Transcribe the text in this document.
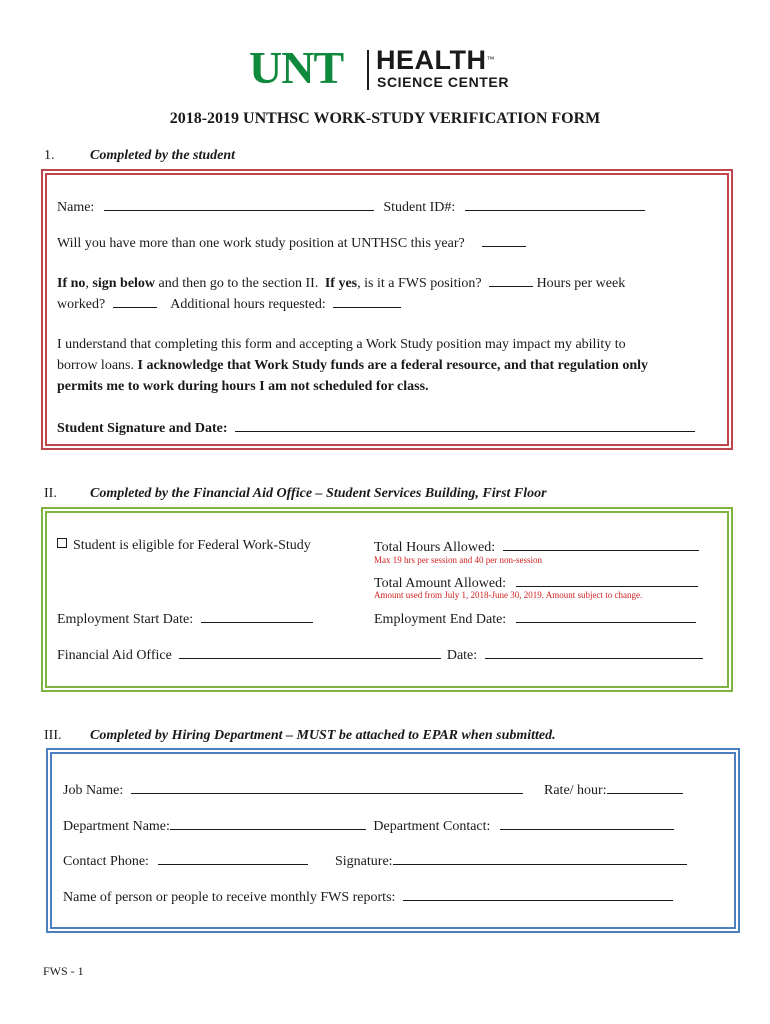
UNT HEALTH™
SCIENCE CENTER
2018-2019 UNTHSC WORK-STUDY VERIFICATION FORM
1.	Completed by the student
Name:	Student ID#:
Will you have more than one work study position at UNTHSC this year?
If no, sign below and then go to the section II. If yes, is it a FWS position?	Hours per week
worked?	Additional hours requested:
I understand that completing this form and accepting a Work Study position may impact my ability to
borrow loans. I acknowledge that Work Study funds are a federal resource, and that regulation only
permits me to work during hours I am not scheduled for class.
Student Signature and Date:
II. Completed by the Financial Aid Office – Student Services Building, First Floor
Student is eligible for Federal Work-Study	Total Hours Allowed:
Max 19 hrs per session and 40 per non-session
Total Amount Allowed:
Amount used from July 1, 2018-June 30, 2019. Amount subject to change.
Employment Start Date:	Employment End Date:
Financial Aid Office	Date:
III. Completed by Hiring Department – MUST be attached to EPAR when submitted.
Job Name:	Rate/ hour:
Department Name:	Department Contact:
Contact Phone:	Signature:
Name of person or people to receive monthly FWS reports:
FWS - 1
